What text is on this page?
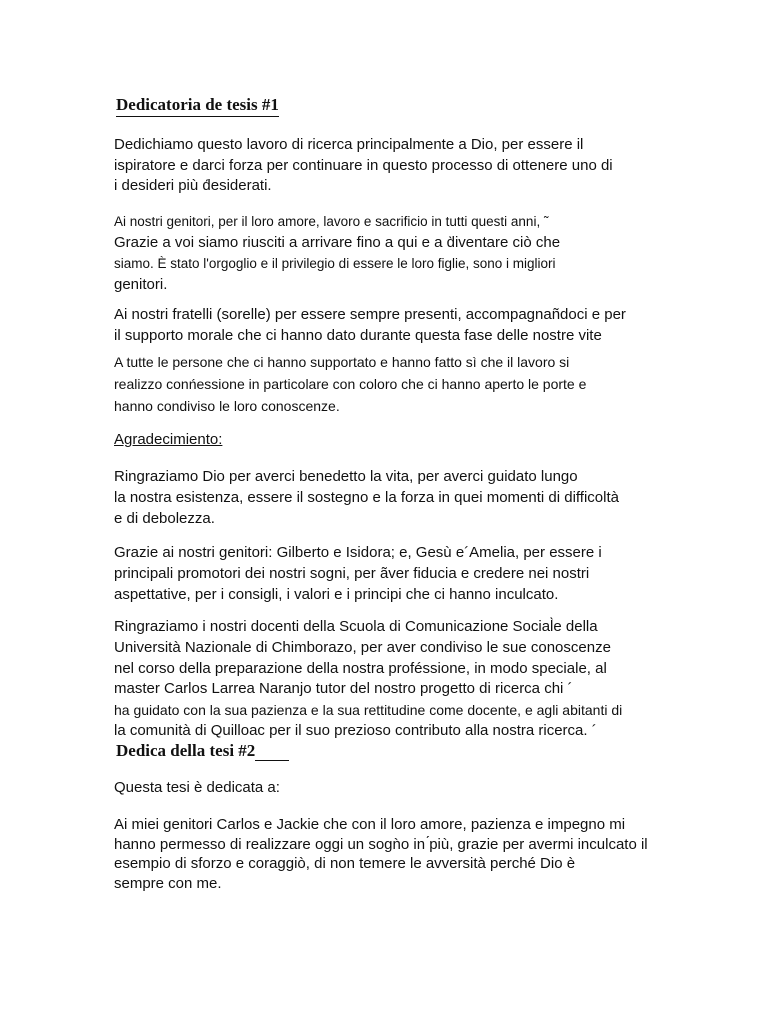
Dedicatoria de tesis #1

Dedichiamo questo lavoro di ricerca principalmente a Dio, per essere il
ispiratore e darci forza per continuare in questo processo di ottenere uno di
i desideri più d́esiderati.

Ai nostri genitori, per il loro amore, lavoro e sacrificio in tutti questi anni, ˜
Grazie a voi siamo riusciti a arrivare fino a qui e a d̀iventare ciò che
siamo. È stato l'orgoglio e il privilegio di essere le loro figlie, sono i migliori
genitori.

Ai nostri fratelli (sorelle) per essere sempre presenti, accompagnañdoci e per
il supporto morale che ci hanno dato durante questa fase delle nostre vite

A tutte le persone che ci hanno supportato e hanno fatto sì che il lavoro si
realizzo conńessione in particolare con coloro che ci hanno aperto le porte e
hanno condiviso le loro conoscenze.

Agradecimiento:

Ringraziamo Dio per averci benedetto la vita, per averci guidato lungo
la nostra esistenza, essere il sostegno e la forza in quei momenti di difficoltà
e di debolezza.

Grazie ai nostri genitori: Gilberto e Isidora; e, Gesù e´Amelia, per essere i
principali promotori dei nostri sogni, per ãver fiducia e credere nei nostri
aspettative, per i consigli, i valori e i principi che ci hanno inculcato.

Ringraziamo i nostri docenti della Scuola di Comunicazione Social̀e della
Università Nazionale di Chimborazo, per aver condiviso le sue conoscenze
nel corso della preparazione della nostra proféssione, in modo speciale, al
master Carlos Larrea Naranjo tutor del nostro progetto di ricerca chi ´
ha guidato con la sua pazienza e la sua rettitudine come docente, e agli abitanti di
la comunità di Quilloac per il suo prezioso contributo alla nostra ricerca. ´

Dedica della tesi #2

Questa tesi è dedicata a:

Ai miei genitori Carlos e Jackie che con il loro amore, pazienza e impegno mi
hanno permesso di realizzare oggi un sogǹo in ́più, grazie per avermi inculcato il
esempio di sforzo e coraggiò, di non temere le avversità perché Dio è
sempre con me.
